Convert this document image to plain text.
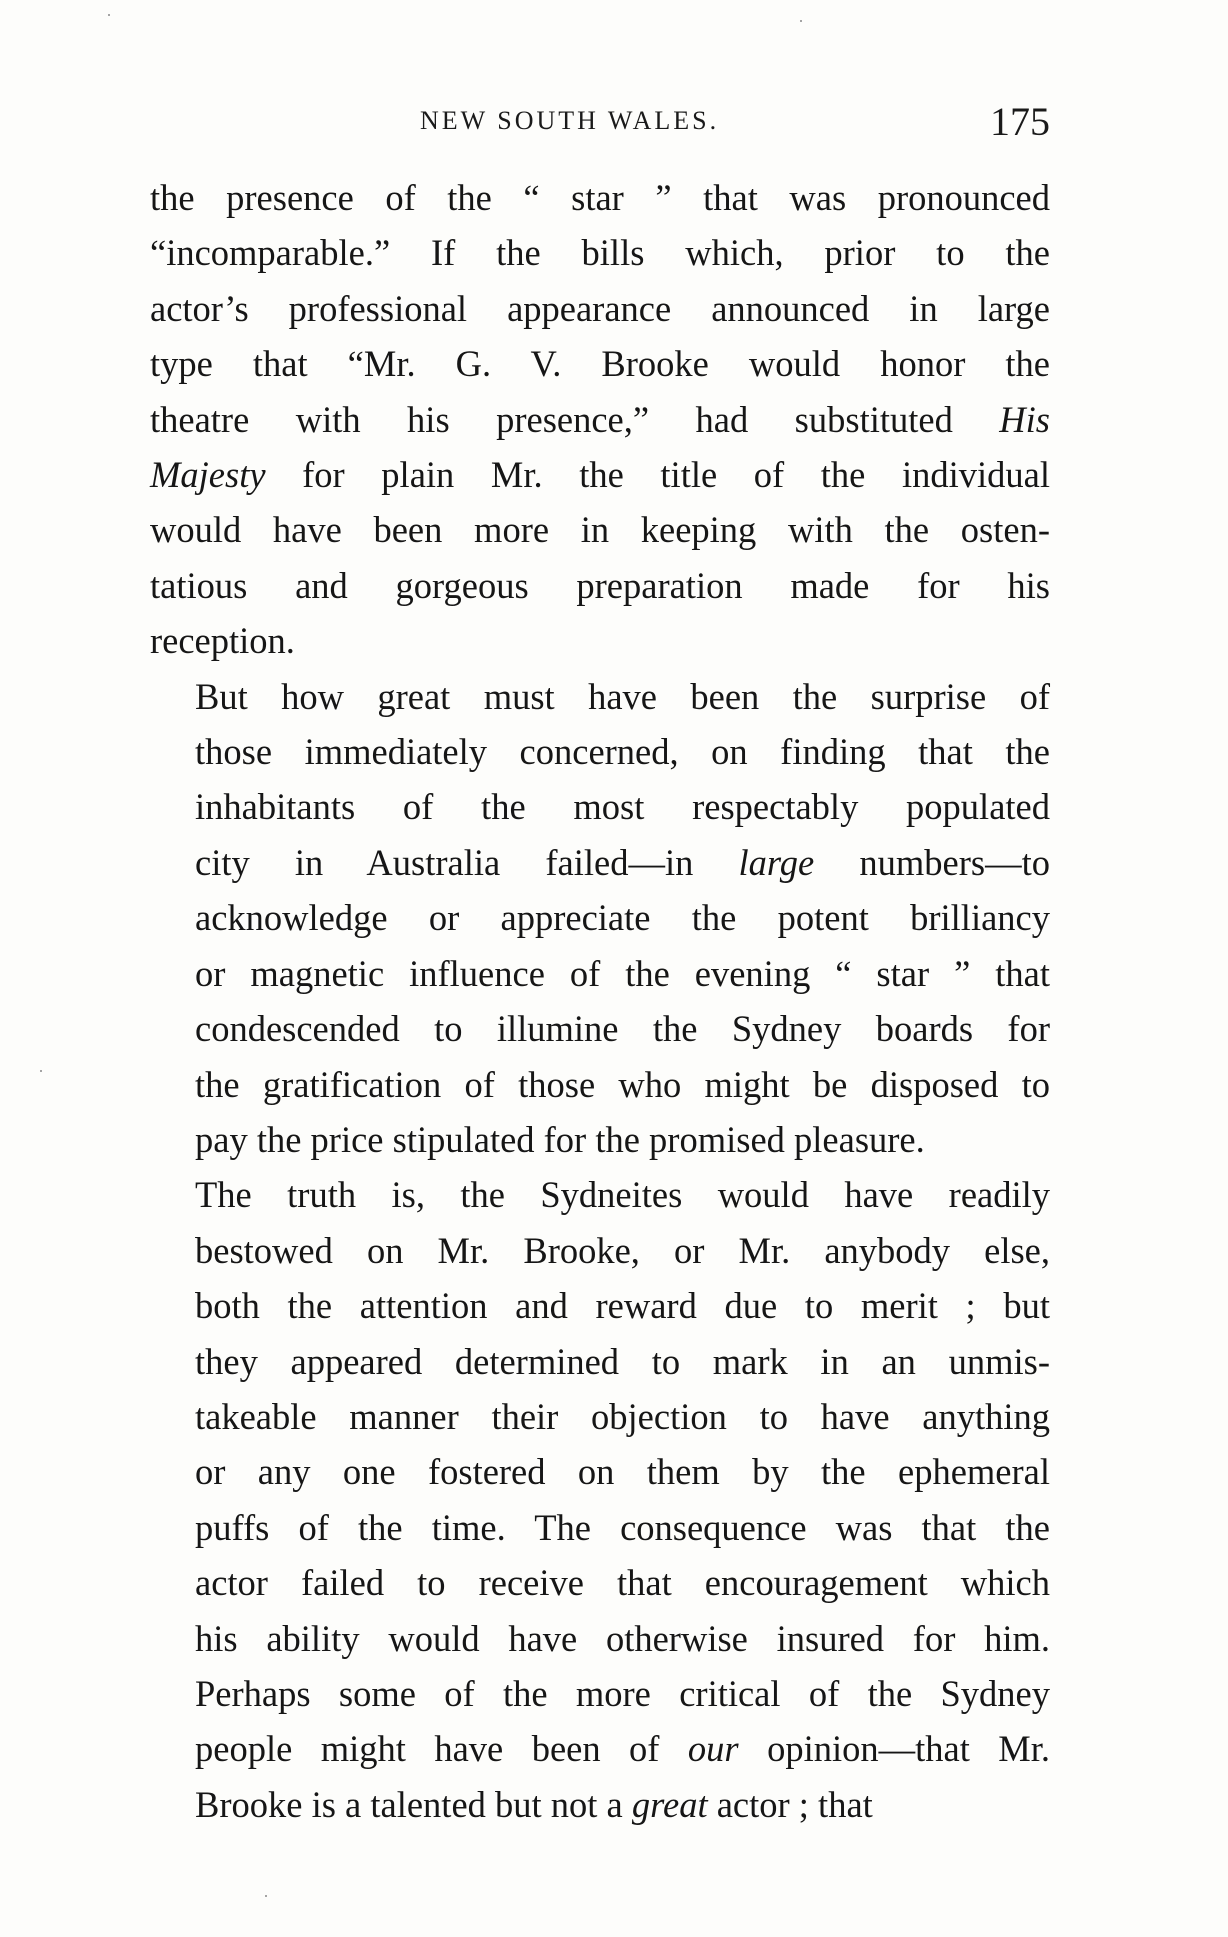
NEW SOUTH WALES.	175

the presence of the “ star ” that was pronounced
“incomparable.” If the bills which, prior to the
actor’s professional appearance announced in large
type that “Mr. G. V. Brooke would honor the
theatre with his presence,” had substituted His
Majesty for plain Mr. the title of the individual
would have been more in keeping with the osten-
tatious and gorgeous preparation made for his
reception.

But how great must have been the surprise of
those immediately concerned, on finding that the
inhabitants of the most respectably populated
city in Australia failed—in large numbers—to
acknowledge or appreciate the potent brilliancy
or magnetic influence of the evening “ star ” that
condescended to illumine the Sydney boards for
the gratification of those who might be disposed to
pay the price stipulated for the promised pleasure.

The truth is, the Sydneites would have readily
bestowed on Mr. Brooke, or Mr. anybody else,
both the attention and reward due to merit ; but
they appeared determined to mark in an unmis-
takeable manner their objection to have anything
or any one fostered on them by the ephemeral
puffs of the time. The consequence was that the
actor failed to receive that encouragement which
his ability would have otherwise insured for him.
Perhaps some of the more critical of the Sydney
people might have been of our opinion—that Mr.
Brooke is a talented but not a great actor ; that
